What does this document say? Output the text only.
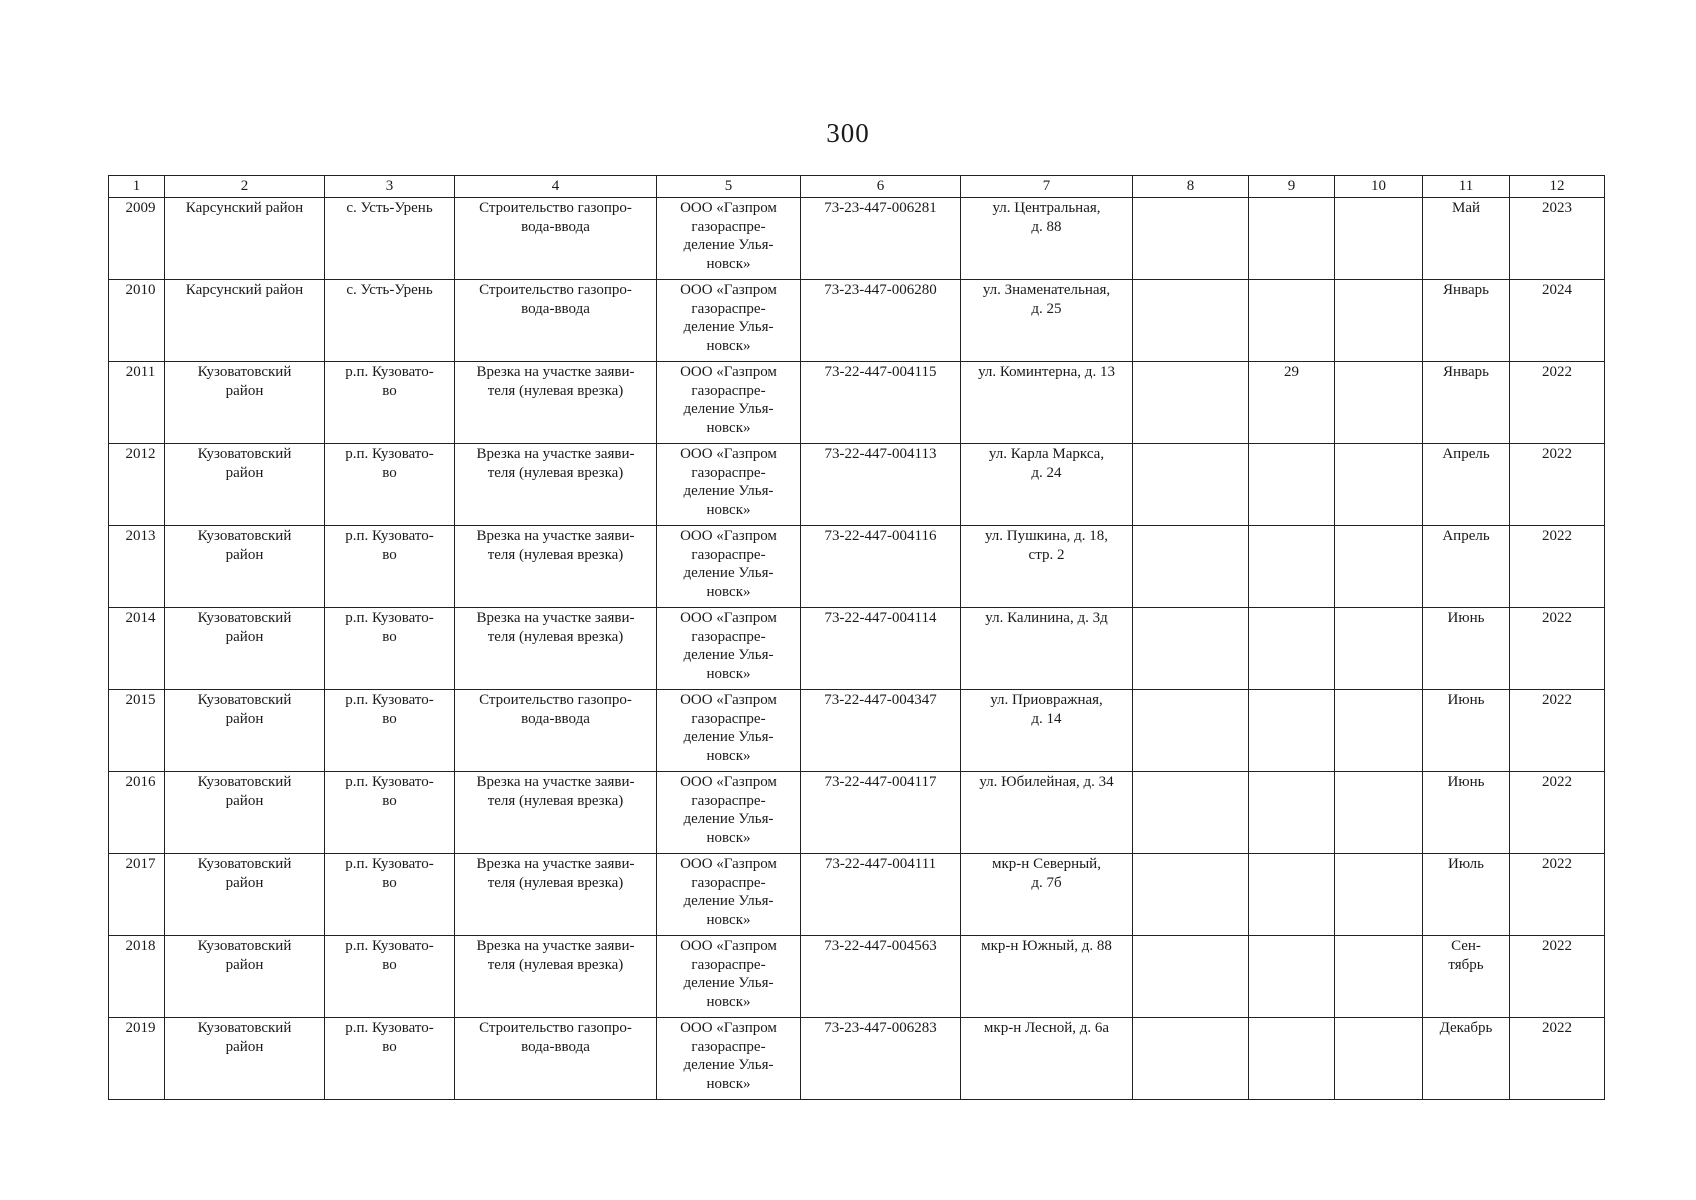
300
1	2	3	4	5	6	7	8	9	10	11	12

2009	Карсунский район	с. Усть-Урень	Строительство газопро-
вода-ввода	ООО «Газпром
газораспре-
деление Улья-
новск»	73-23-447-006281	ул. Центральная,
д. 88				Май	2023

2010	Карсунский район	с. Усть-Урень	Строительство газопро-
вода-ввода	ООО «Газпром
газораспре-
деление Улья-
новск»	73-23-447-006280	ул. Знаменательная,
д. 25				Январь	2024

2011	Кузоватовский
район	р.п. Кузовато-
во	Врезка на участке заяви-
теля (нулевая врезка)	ООО «Газпром
газораспре-
деление Улья-
новск»	73-22-447-004115	ул. Коминтерна, д. 13		29		Январь	2022

2012	Кузоватовский
район	р.п. Кузовато-
во	Врезка на участке заяви-
теля (нулевая врезка)	ООО «Газпром
газораспре-
деление Улья-
новск»	73-22-447-004113	ул. Карла Маркса,
д. 24				Апрель	2022

2013	Кузоватовский
район	р.п. Кузовато-
во	Врезка на участке заяви-
теля (нулевая врезка)	ООО «Газпром
газораспре-
деление Улья-
новск»	73-22-447-004116	ул. Пушкина, д. 18,
стр. 2				Апрель	2022

2014	Кузоватовский
район	р.п. Кузовато-
во	Врезка на участке заяви-
теля (нулевая врезка)	ООО «Газпром
газораспре-
деление Улья-
новск»	73-22-447-004114	ул. Калинина, д. 3д				Июнь	2022

2015	Кузоватовский
район	р.п. Кузовато-
во	Строительство газопро-
вода-ввода	ООО «Газпром
газораспре-
деление Улья-
новск»	73-22-447-004347	ул. Приовражная,
д. 14				Июнь	2022

2016	Кузоватовский
район	р.п. Кузовато-
во	Врезка на участке заяви-
теля (нулевая врезка)	ООО «Газпром
газораспре-
деление Улья-
новск»	73-22-447-004117	ул. Юбилейная, д. 34				Июнь	2022

2017	Кузоватовский
район	р.п. Кузовато-
во	Врезка на участке заяви-
теля (нулевая врезка)	ООО «Газпром
газораспре-
деление Улья-
новск»	73-22-447-004111	мкр-н Северный,
д. 7б				Июль	2022

2018	Кузоватовский
район	р.п. Кузовато-
во	Врезка на участке заяви-
теля (нулевая врезка)	ООО «Газпром
газораспре-
деление Улья-
новск»	73-22-447-004563	мкр-н Южный, д. 88				Сен-
тябрь	2022

2019	Кузоватовский
район	р.п. Кузовато-
во	Строительство газопро-
вода-ввода	ООО «Газпром
газораспре-
деление Улья-
новск»	73-23-447-006283	мкр-н Лесной, д. 6а				Декабрь	2022
